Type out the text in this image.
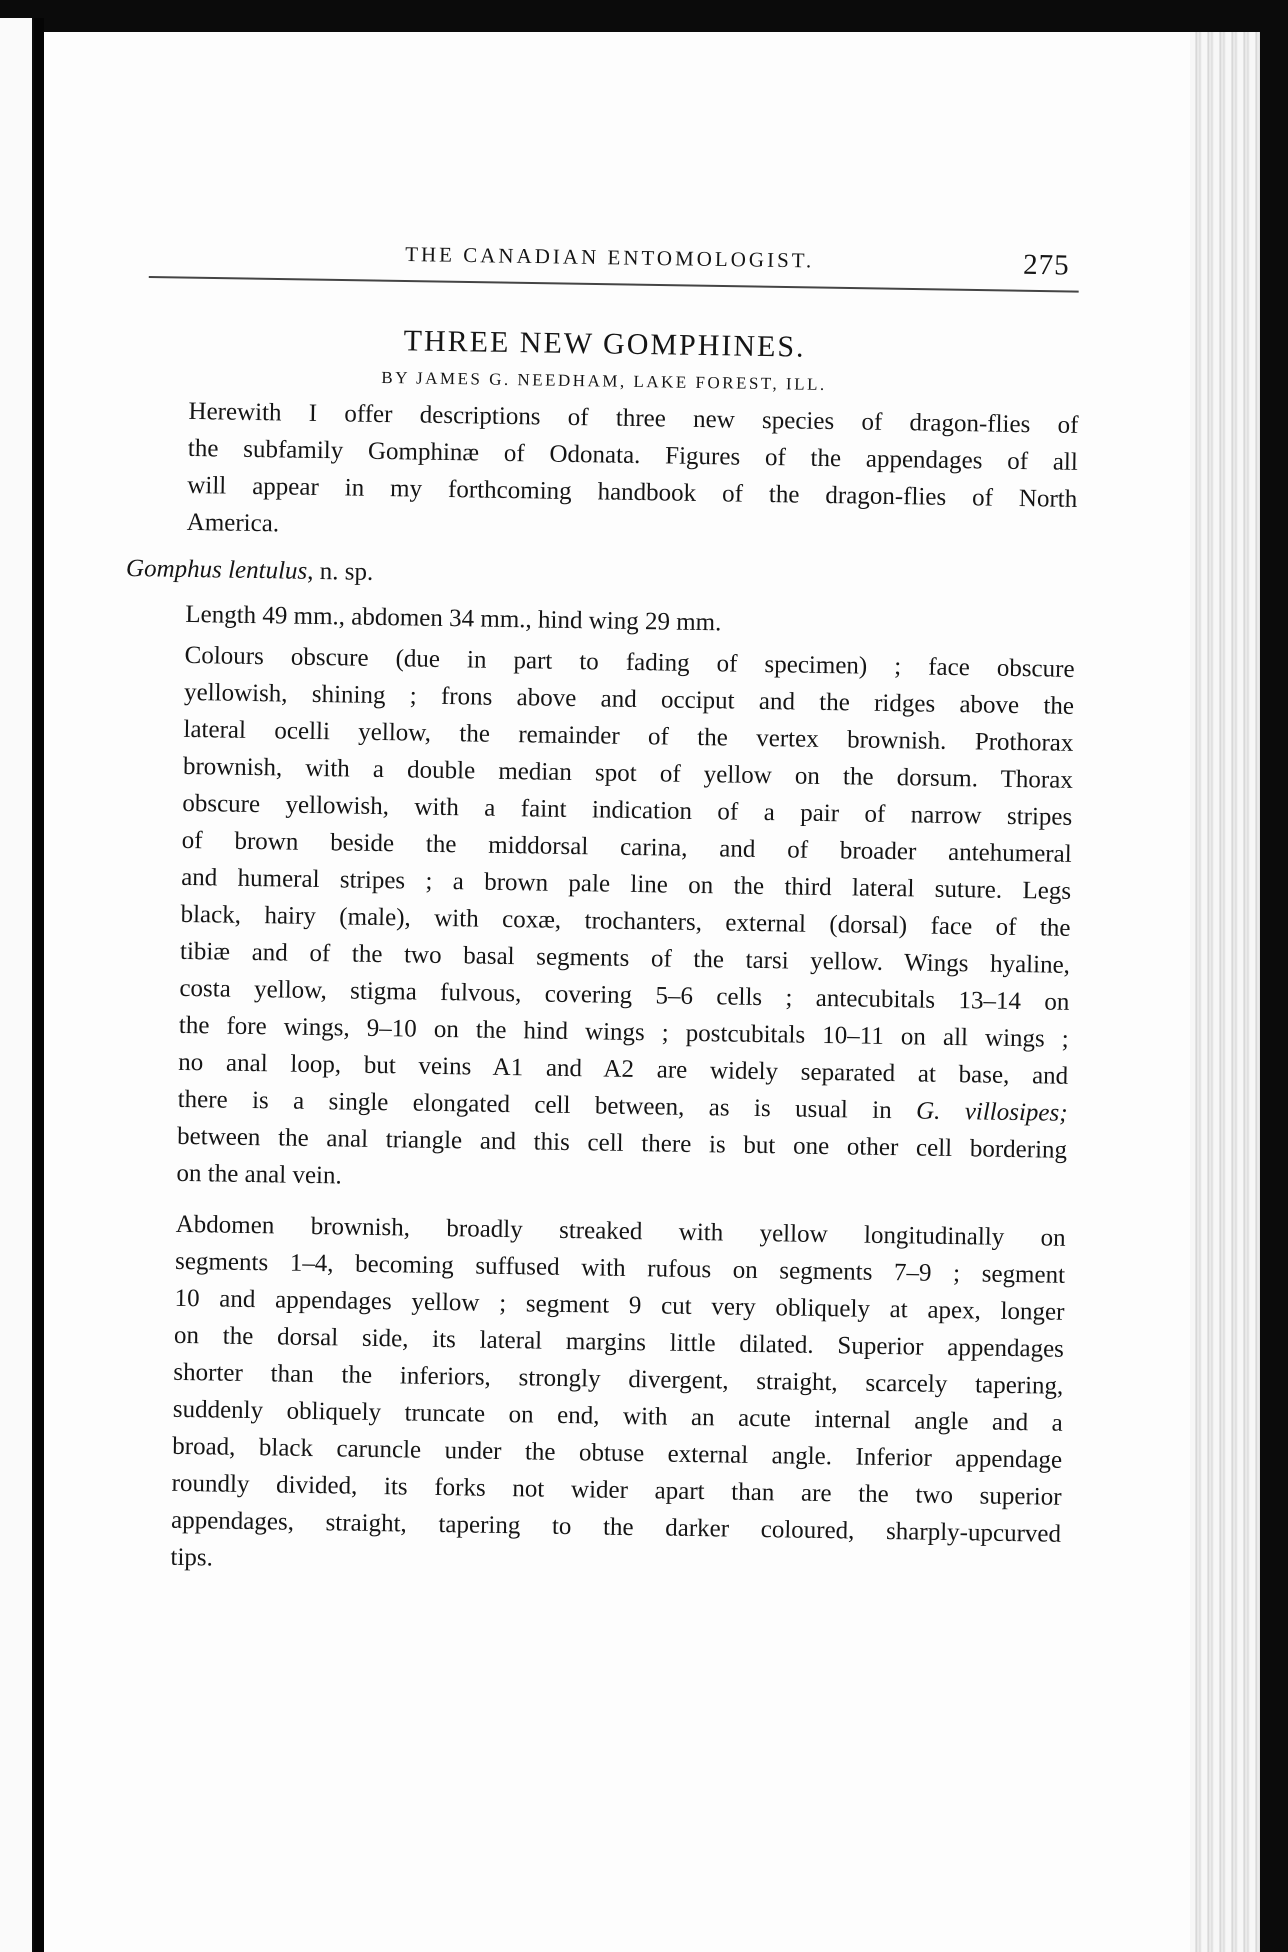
THE CANADIAN ENTOMOLOGIST.	275
THREE NEW GOMPHINES.
BY JAMES G. NEEDHAM, LAKE FOREST, ILL.
Herewith I offer descriptions of three new species of dragon-flies of
the subfamily Gomphinæ of Odonata. Figures of the appendages of all
will appear in my forthcoming handbook of the dragon-flies of North
America.
Gomphus lentulus, n. sp.
Length 49 mm., abdomen 34 mm., hind wing 29 mm.
Colours obscure (due in part to fading of specimen) ; face obscure
yellowish, shining ; frons above and occiput and the ridges above the
lateral ocelli yellow, the remainder of the vertex brownish. Prothorax
brownish, with a double median spot of yellow on the dorsum. Thorax
obscure yellowish, with a faint indication of a pair of narrow stripes
of brown beside the middorsal carina, and of broader antehumeral
and humeral stripes ; a brown pale line on the third lateral suture. Legs
black, hairy (male), with coxæ, trochanters, external (dorsal) face of the
tibiæ and of the two basal segments of the tarsi yellow. Wings hyaline,
costa yellow, stigma fulvous, covering 5–6 cells ; antecubitals 13–14 on
the fore wings, 9–10 on the hind wings ; postcubitals 10–11 on all wings ;
no anal loop, but veins A1 and A2 are widely separated at base, and
there is a single elongated cell between, as is usual in G. villosipes;
between the anal triangle and this cell there is but one other cell bordering
on the anal vein.
Abdomen brownish, broadly streaked with yellow longitudinally on
segments 1–4, becoming suffused with rufous on segments 7–9 ; segment
10 and appendages yellow ; segment 9 cut very obliquely at apex, longer
on the dorsal side, its lateral margins little dilated. Superior appendages
shorter than the inferiors, strongly divergent, straight, scarcely tapering,
suddenly obliquely truncate on end, with an acute internal angle and a
broad, black caruncle under the obtuse external angle. Inferior appendage
roundly divided, its forks not wider apart than are the two superior
appendages, straight, tapering to the darker coloured, sharply-upcurved
tips.
